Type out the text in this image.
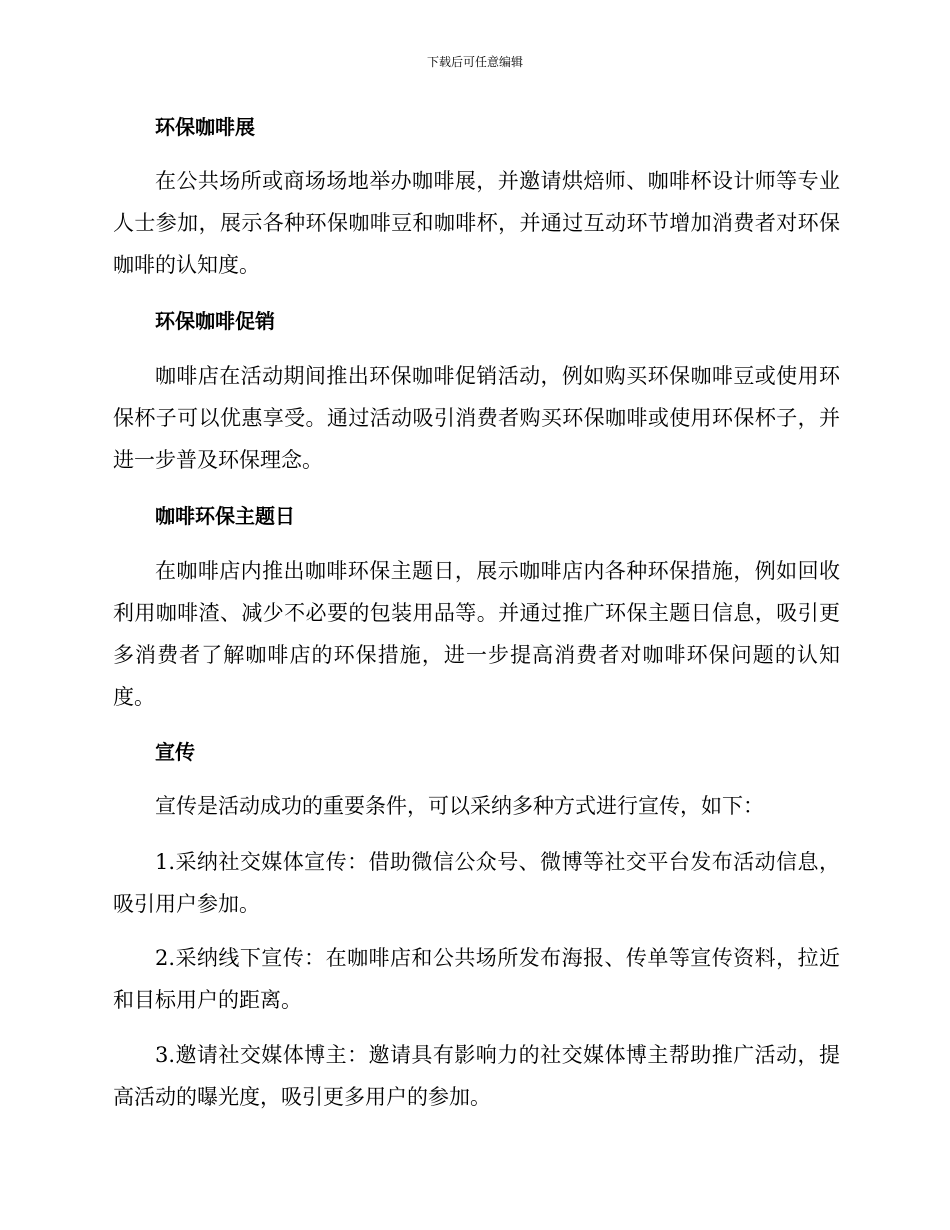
下载后可任意编辑
环保咖啡展

在公共场所或商场场地举办咖啡展，并邀请烘焙师、咖啡杯设计师等专业人士参加，展示各种环保咖啡豆和咖啡杯，并通过互动环节增加消费者对环保咖啡的认知度。

环保咖啡促销

咖啡店在活动期间推出环保咖啡促销活动，例如购买环保咖啡豆或使用环保杯子可以优惠享受。通过活动吸引消费者购买环保咖啡或使用环保杯子，并进一步普及环保理念。

咖啡环保主题日

在咖啡店内推出咖啡环保主题日，展示咖啡店内各种环保措施，例如回收利用咖啡渣、减少不必要的包装用品等。并通过推广环保主题日信息，吸引更多消费者了解咖啡店的环保措施，进一步提高消费者对咖啡环保问题的认知度。

宣传

宣传是活动成功的重要条件，可以采纳多种方式进行宣传，如下：

1.采纳社交媒体宣传：借助微信公众号、微博等社交平台发布活动信息，吸引用户参加。

2.采纳线下宣传：在咖啡店和公共场所发布海报、传单等宣传资料，拉近和目标用户的距离。

3.邀请社交媒体博主：邀请具有影响力的社交媒体博主帮助推广活动，提高活动的曝光度，吸引更多用户的参加。
